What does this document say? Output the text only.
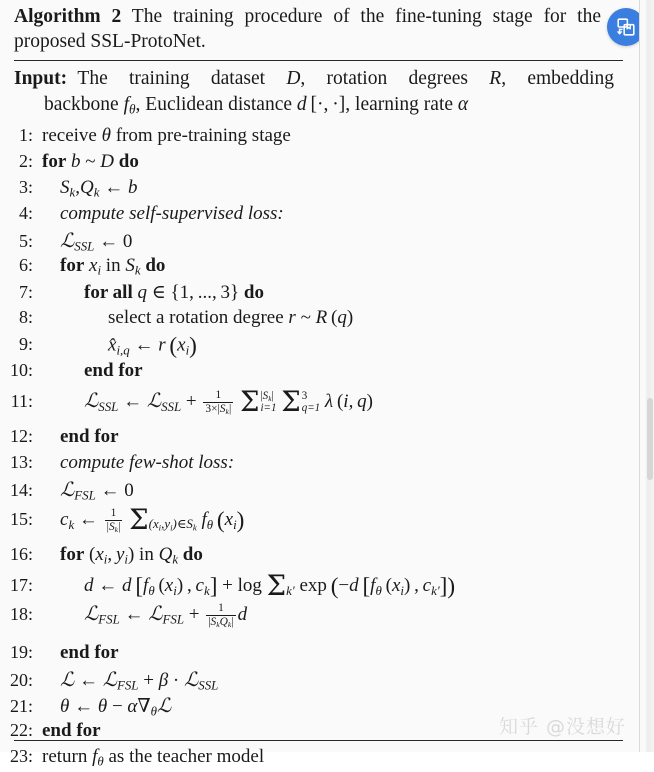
Algorithm 2 The training procedure of the fine-tuning stage for the proposed SSL-ProtoNet.
Input: The  training  dataset  D,  rotation  degrees  R,  embedding
backbone $f_\theta$, Euclidean distance d [·, ·], learning rate α
1: receive θ from pre-training stage
2: for b ~ D do
3:	$S_k,Q_k$ ← b
4:	compute self-supervised loss:
5:	ℒ$_{SSL}$ ← 0
6:	for $x_i$ in $S_k$ do
7:	for all q ∈ {1, ..., 3} do
8:	select a rotation degree r ~ R (q)
9:	$x̂_{i,q}$ ← r  $(x_i)$
10:	end for
11:	ℒ$_{SSL}$ ← ℒ$_{SSL}$ + $\frac{1}{3\times|S_k|}$ Σ $|S_k|$
i=1 Σ 3
q=1 λ (i, q)
12:	end for
13:	compute few-shot loss:
14:	ℒ$_{FSL}$ ← 0
15:	$c_k$ ← $\frac{1}{|S_k|} \Sigma_{(x_i,y_i)\in S_k}$ $f_\theta$  $(x_i)$
16:	for ($x_i$, $y_i$) in $Q_k$ do
17:	d ← d  [$f_\theta$ $(x_i)$ , $c_k] + \log \Sigma_{k'}$ exp (−d  [$f_\theta$ $(x_i)$ , $c_{k'}$])
18:	ℒ$_{FSL}$ ← ℒ$_{FSL}$ + $\frac{1}{|S_kQ_k|}$ d
19:	end for
20:	ℒ ← ℒ$_{FSL}$ + β · ℒ$_{SSL}$
21:	θ ← $\theta - \alpha\nabla_\theta ℒ$
22: end for
23: return $f_\theta$ as the teacher model
知乎 @没想好
